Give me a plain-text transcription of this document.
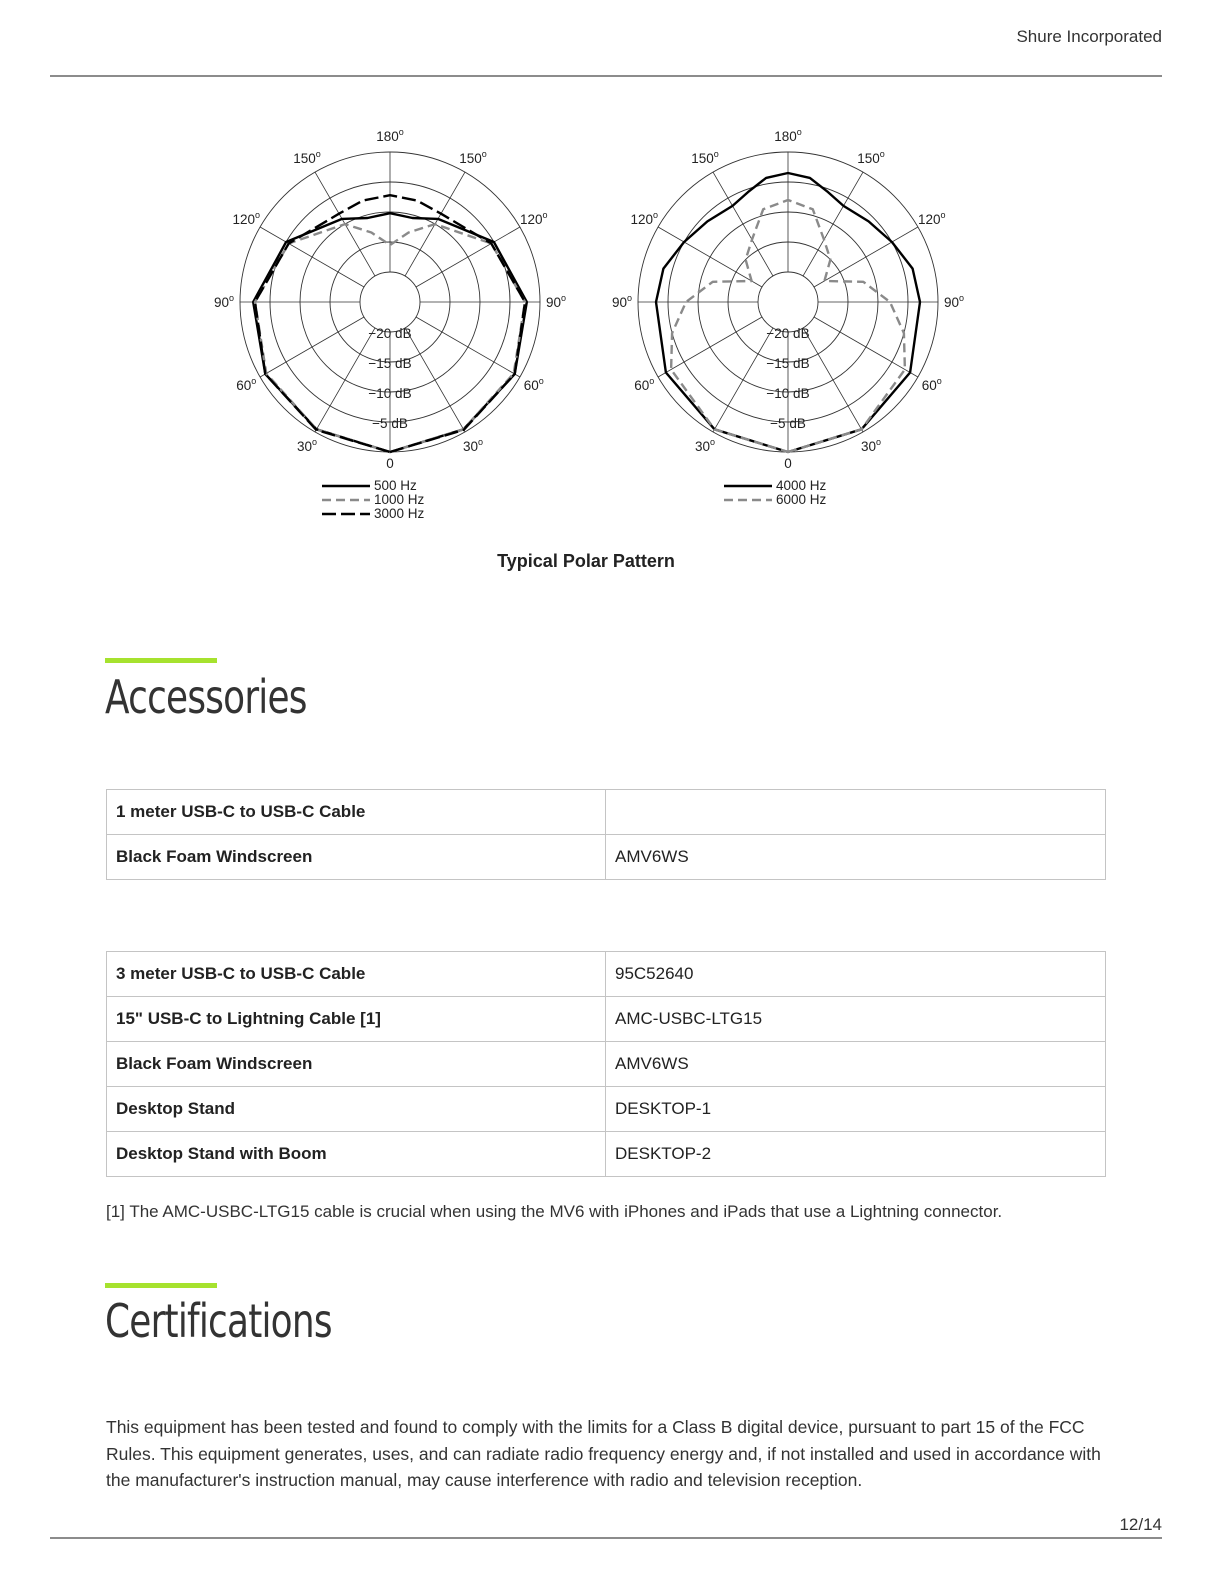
Shure Incorporated
180$^o$
150$^o$
150$^o$
120$^o$
120$^o$
90$^o$
90$^o$
60$^o$
60$^o$
30$^o$
30$^o$
0
−20 dB
−15 dB
−10 dB
−5 dB
500 Hz
1000 Hz
3000 Hz
180$^o$
150$^o$
150$^o$
120$^o$
120$^o$
90$^o$
90$^o$
60$^o$
60$^o$
30$^o$
30$^o$
0
−20 dB
−15 dB
−10 dB
−5 dB
4000 Hz
6000 Hz
Typical Polar Pattern
Accessories
1 meter USB-C to USB-C Cable	
Black Foam Windscreen	AMV6WS
3 meter USB-C to USB-C Cable	95C52640
15" USB-C to Lightning Cable [1]	AMC-USBC-LTG15
Black Foam Windscreen	AMV6WS
Desktop Stand	DESKTOP-1
Desktop Stand with Boom	DESKTOP-2
[1] The AMC-USBC-LTG15 cable is crucial when using the MV6 with iPhones and iPads that use a Lightning connector.
Certifications

This equipment has been tested and found to comply with the limits for a Class B digital device, pursuant to part 15 of the FCC Rules. This equipment generates, uses, and can radiate radio frequency energy and, if not installed and used in accordance with the manufacturer's instruction manual, may cause interference with radio and television reception.

12/14
